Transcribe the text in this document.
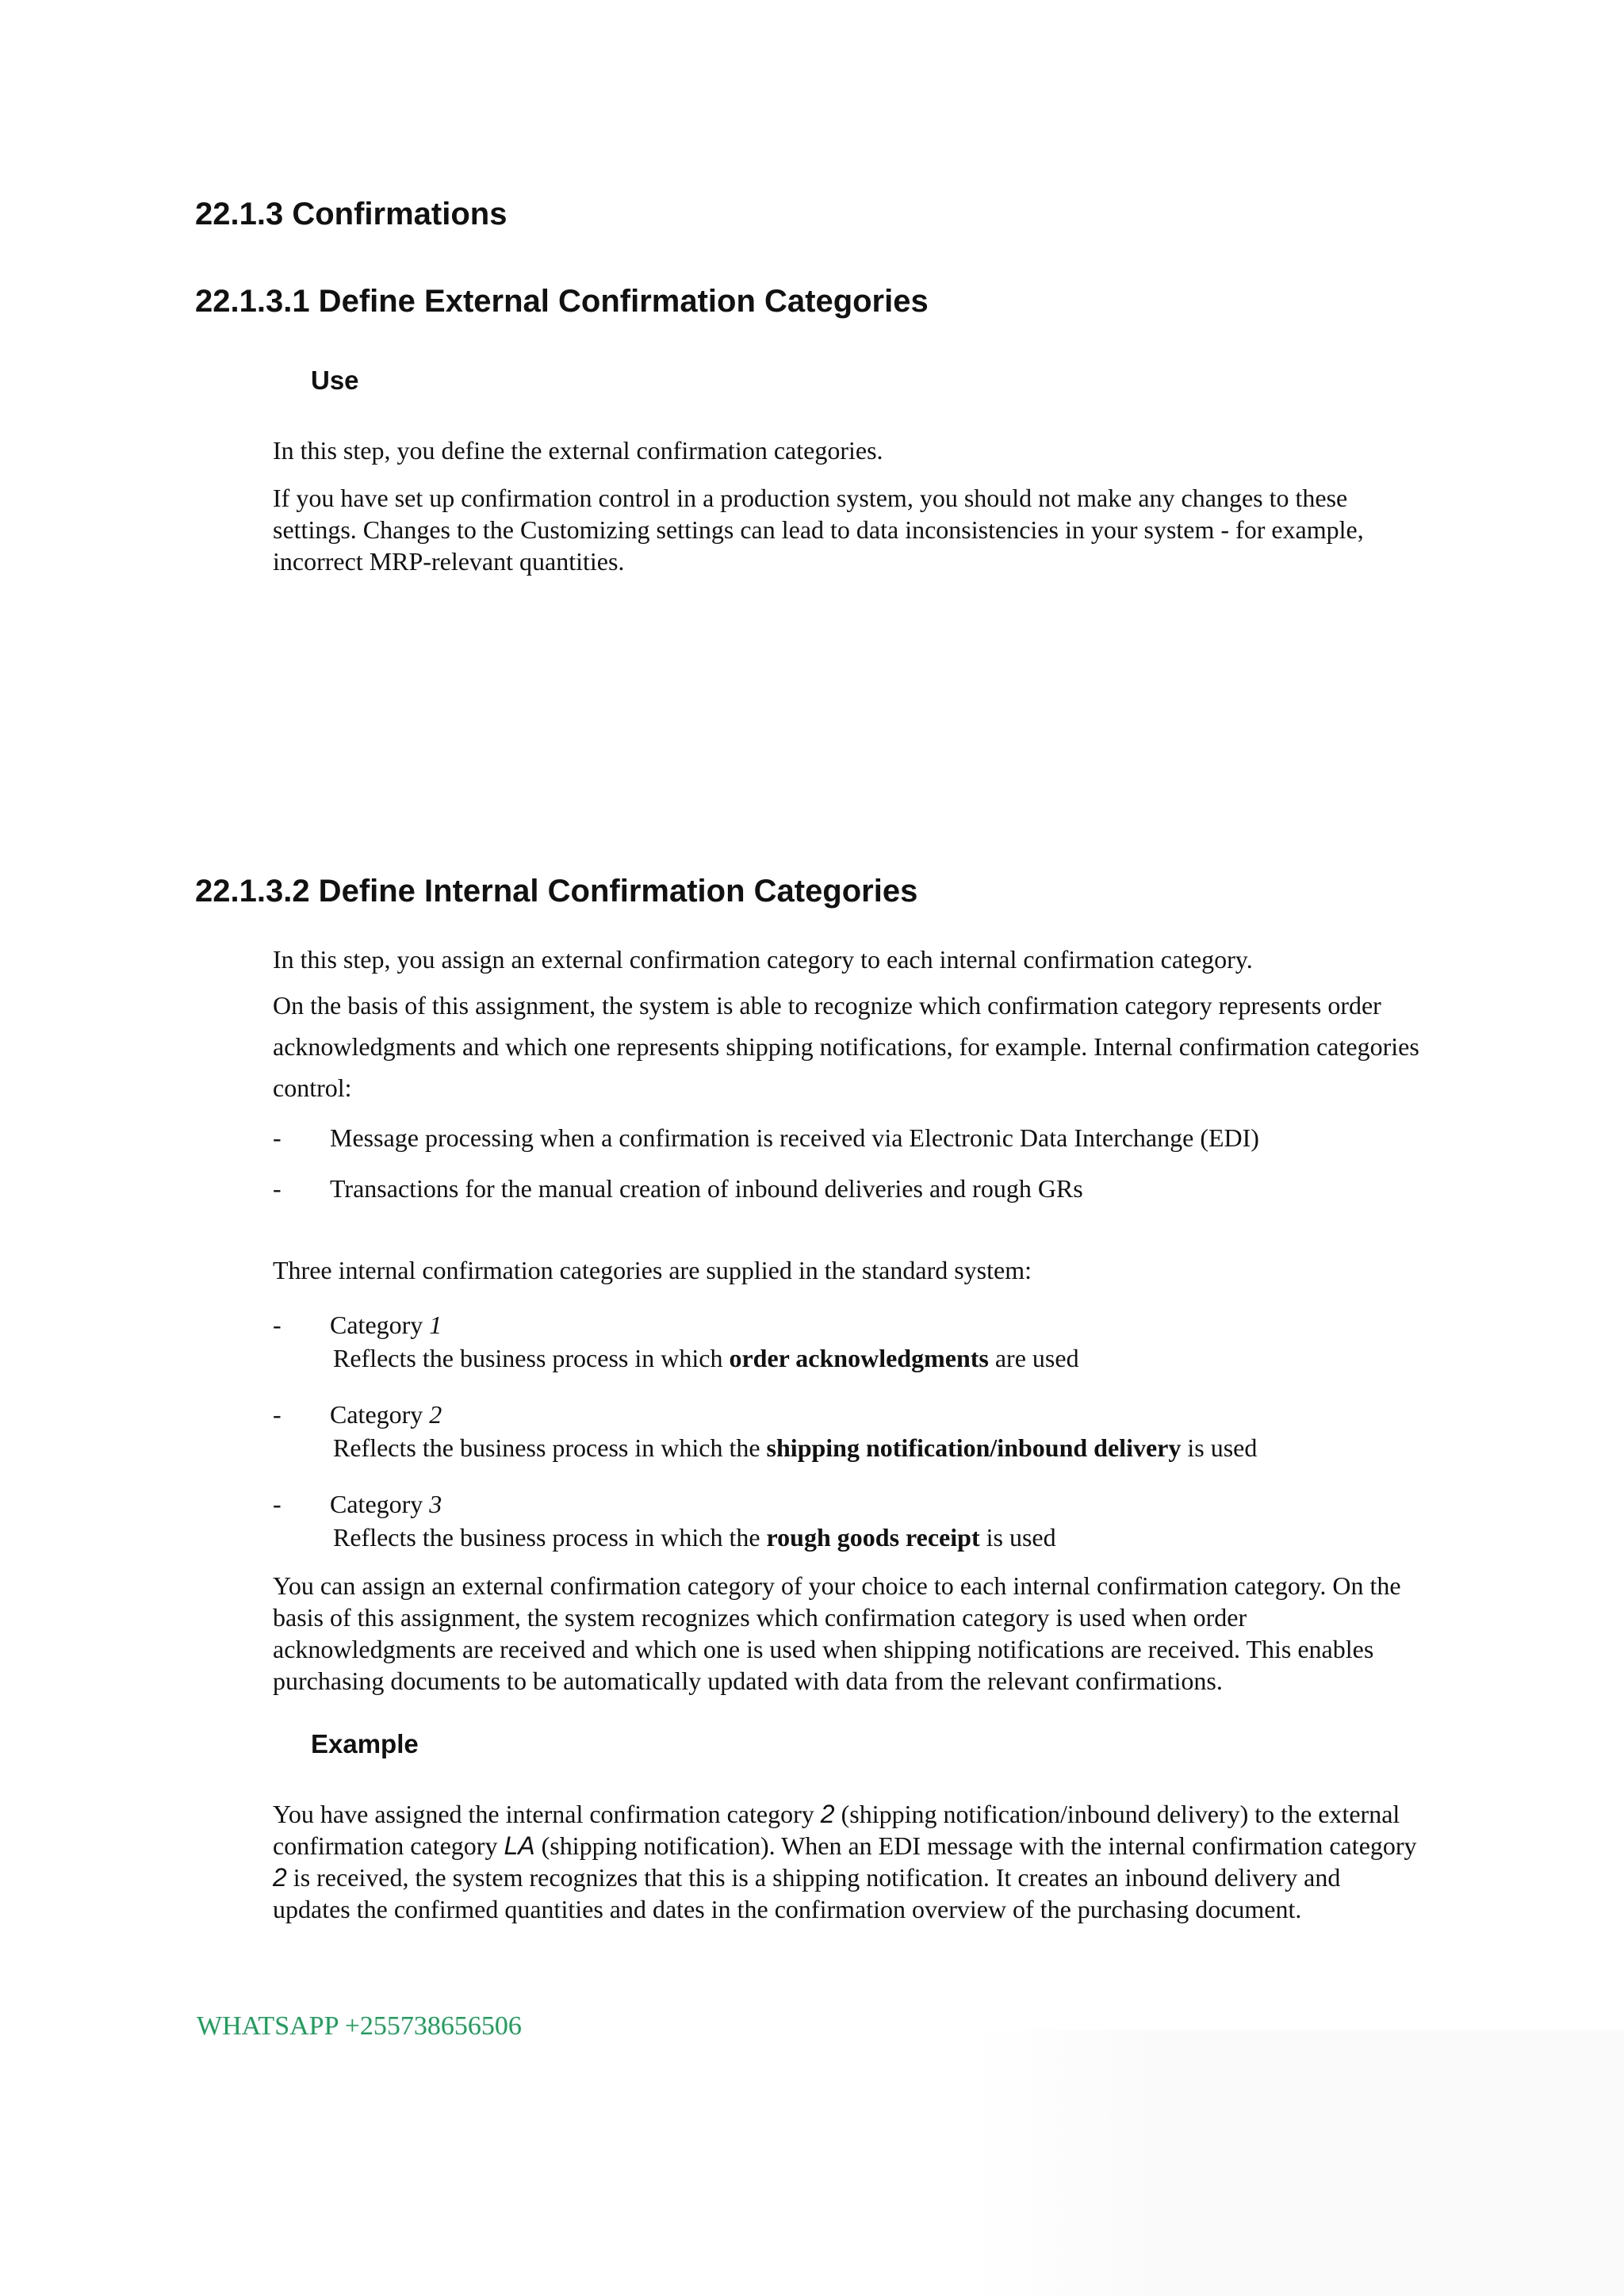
22.1.3 Confirmations
22.1.3.1 Define External Confirmation Categories
Use

In this step, you define the external confirmation categories.

If you have set up confirmation control in a production system, you should not make any changes to these settings. Changes to the Customizing settings can lead to data inconsistencies in your system - for example, incorrect MRP-relevant quantities.

22.1.3.2 Define Internal Confirmation Categories

In this step, you assign an external confirmation category to each internal confirmation category.

On the basis of this assignment, the system is able to recognize which confirmation category represents order acknowledgments and which one represents shipping notifications, for example. Internal confirmation categories control:

- Message processing when a confirmation is received via Electronic Data Interchange (EDI)
- Transactions for the manual creation of inbound deliveries and rough GRs

Three internal confirmation categories are supplied in the standard system:

-	Category 1
Reflects the business process in which order acknowledgments are used
-	Category 2
Reflects the business process in which the shipping notification/inbound delivery is used
-	Category 3
Reflects the business process in which the rough goods receipt is used

You can assign an external confirmation category of your choice to each internal confirmation category. On the basis of this assignment, the system recognizes which confirmation category is used when order acknowledgments are received and which one is used when shipping notifications are received. This enables purchasing documents to be automatically updated with data from the relevant confirmations.

Example

You have assigned the internal confirmation category 2 (shipping notification/inbound delivery) to the external confirmation category LA (shipping notification). When an EDI message with the internal confirmation category 2 is received, the system recognizes that this is a shipping notification. It creates an inbound delivery and updates the confirmed quantities and dates in the confirmation overview of the purchasing document.

WHATSAPP +255738656506
